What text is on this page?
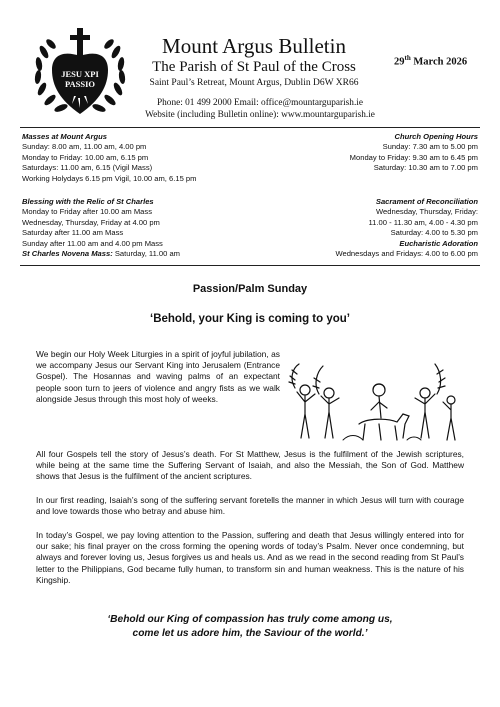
JESU XPI
PASSIO
Mount Argus Bulletin
The Parish of St Paul of the Cross
Saint Paul’s Retreat, Mount Argus, Dublin D6W XR66
29th March 2026
Phone: 01 499 2000 Email: office@mountarguparish.ie
Website (including Bulletin online): www.mountarguparish.ie
Masses at Mount Argus
Sunday: 8.00 am, 11.00 am, 4.00 pm
Monday to Friday: 10.00 am, 6.15 pm
Saturdays: 11.00 am, 6.15 (Vigil Mass)
Working Holydays 6.15 pm Vigil, 10.00 am, 6.15 pm
Church Opening Hours
Sunday: 7.30 am to 5.00 pm
Monday to Friday: 9.30 am to 6.45 pm
Saturday: 10.30 am to 7.00 pm
Blessing with the Relic of St Charles
Monday to Friday after 10.00 am Mass
Wednesday, Thursday, Friday at 4.00 pm
Saturday after 11.00 am Mass
Sunday after 11.00 am and 4.00 pm Mass
St Charles Novena Mass: Saturday, 11.00 am
Sacrament of Reconciliation
Wednesday, Thursday, Friday:
11.00 - 11.30 am, 4.00 - 4.30 pm
Saturday: 4.00 to 5.30 pm
Eucharistic Adoration
Wednesdays and Fridays: 4.00 to 6.00 pm
Passion/Palm Sunday
‘Behold, your King is coming to you’
We begin our Holy Week Liturgies in a spirit of joyful jubilation, as we accompany Jesus our Servant King into Jerusalem (Entrance Gospel). The Hosannas and waving palms of an expectant people soon turn to jeers of violence and angry fists as we walk alongside Jesus through this most holy of weeks.
All four Gospels tell the story of Jesus’s death. For St Matthew, Jesus is the fulfilment of the Jewish scriptures, while being at the same time the Suffering Servant of Isaiah, and also the Messiah, the Son of God. Matthew shows that Jesus is the fulfilment of the ancient scriptures.
In our first reading, Isaiah’s song of the suffering servant foretells the manner in which Jesus will turn with courage and love towards those who betray and abuse him.
In today’s Gospel, we pay loving attention to the Passion, suffering and death that Jesus willingly entered into for our sake; his final prayer on the cross forming the opening words of today’s Psalm. Never once condemning, but always and forever loving us, Jesus forgives us and heals us. And as we read in the second reading from St Paul’s letter to the Philippians, God became fully human, to transform sin and human weakness. This is the nature of his Kingship.
‘Behold our King of compassion has truly come among us,
come let us adore him, the Saviour of the world.’
